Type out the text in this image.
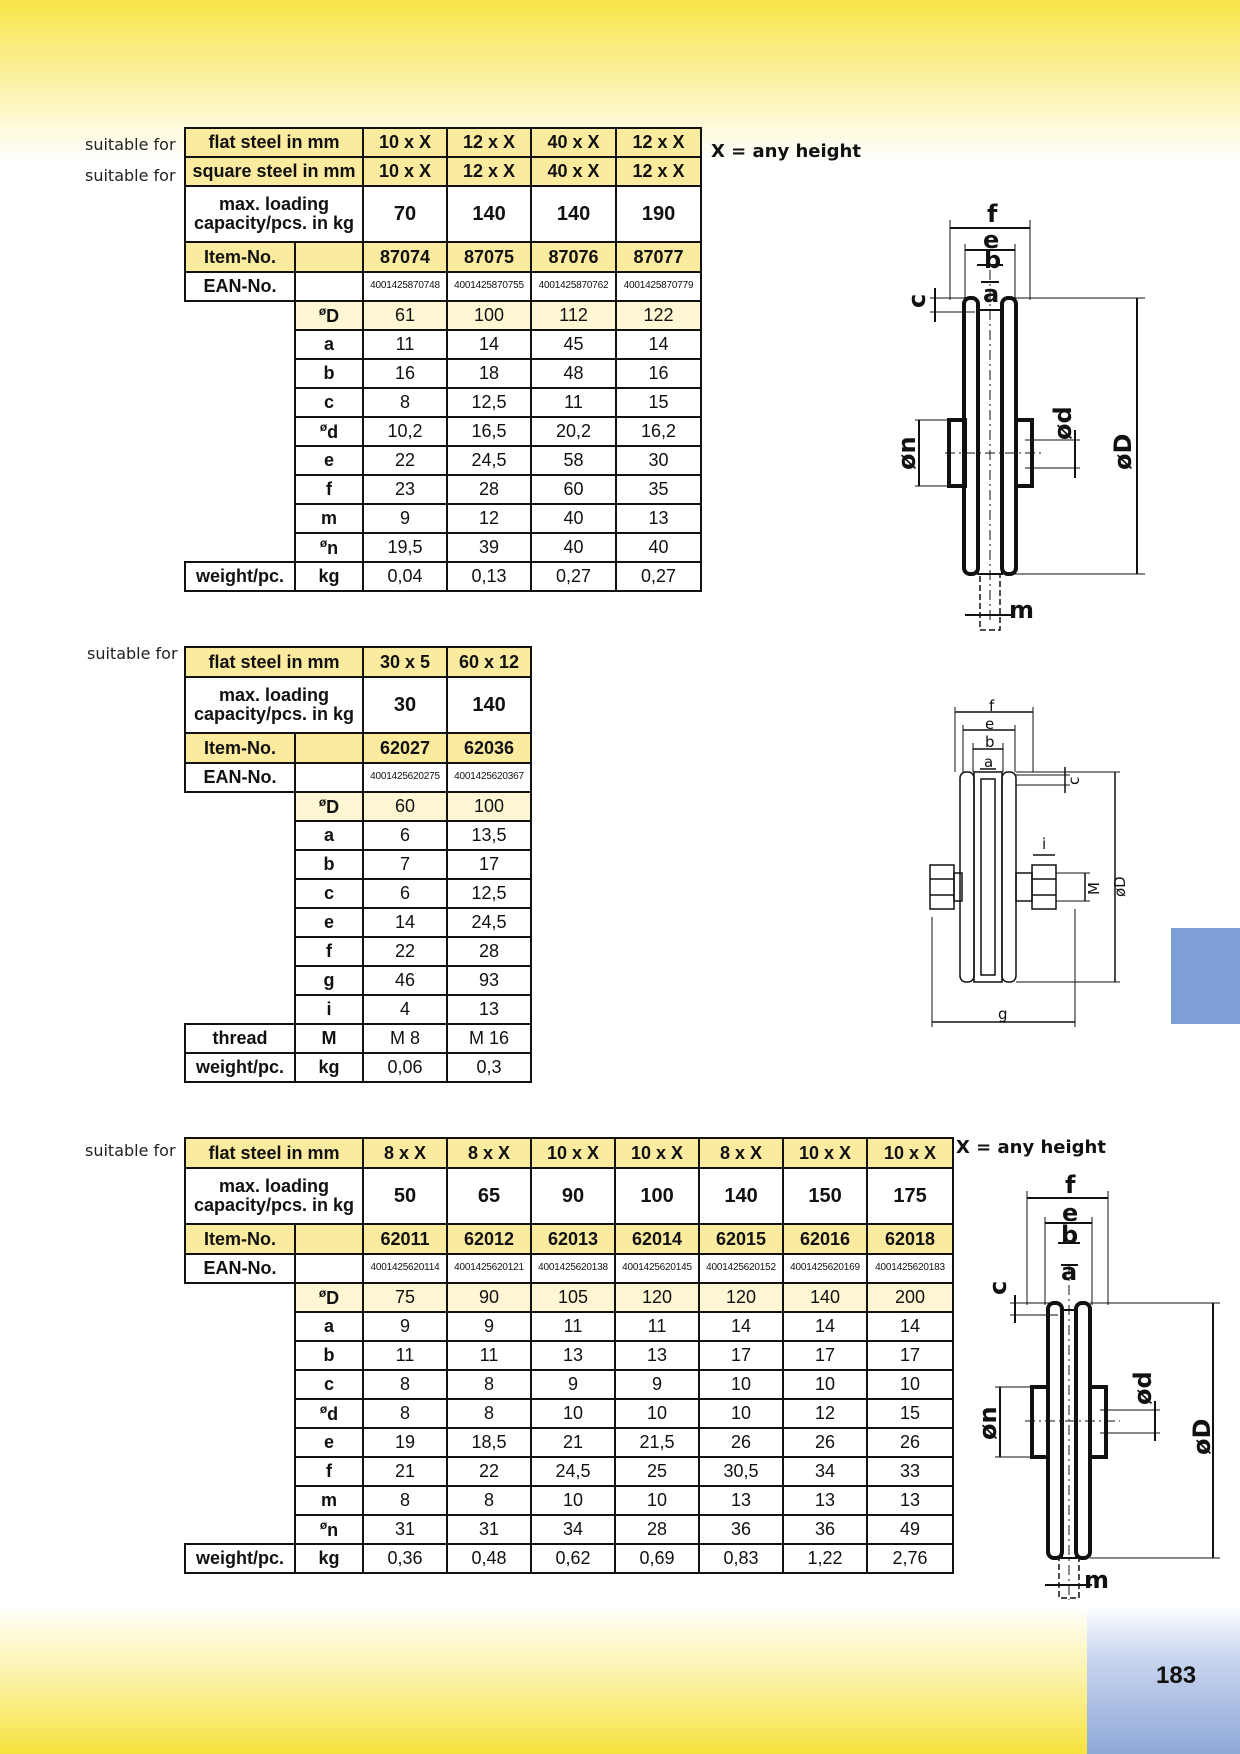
183
suitable for
suitable for
suitable for
suitable for
X = any height
X = any height
flat steel in mm		10 x X	12 x X	40 x X	12 x X
square steel in mm		10 x X	12 x X	40 x X	12 x X
max. loading
capacity/pcs. in kg		70	140	140	190
Item-No.		87074	87075	87076	87077
EAN-No.		4001425870748	4001425870755	4001425870762	4001425870779
	$^ø$D	61	100	112	122
	a	11	14	45	14
	b	16	18	48	16
	c	8	12,5	11	15
	$^ø$d	10,2	16,5	20,2	16,2
	e	22	24,5	58	30
	f	23	28	60	35
	m	9	12	40	13
	$^ø$n	19,5	39	40	40
weight/pc.	kg	0,04	0,13	0,27	0,27
flat steel in mm		30 x 5	60 x 12
max. loading
capacity/pcs. in kg		30	140
Item-No.		62027	62036
EAN-No.		4001425620275	4001425620367
	$^ø$D	60	100
	a	6	13,5
	b	7	17
	c	6	12,5
	e	14	24,5
	f	22	28
	g	46	93
	i	4	13
thread	M	M 8	M 16
weight/pc.	kg	0,06	0,3
flat steel in mm		8 x X	8 x X	10 x X	10 x X	8 x X	10 x X	10 x X
max. loading
capacity/pcs. in kg		50	65	90	100	140	150	175
Item-No.		62011	62012	62013	62014	62015	62016	62018
EAN-No.		4001425620114	4001425620121	4001425620138	4001425620145	4001425620152	4001425620169	4001425620183
	$^ø$D	75	90	105	120	120	140	200
	a	9	9	11	11	14	14	14
	b	11	11	13	13	17	17	17
	c	8	8	9	9	10	10	10
	$^ø$d	8	8	10	10	10	12	15
	e	19	18,5	21	21,5	26	26	26
	f	21	22	24,5	25	30,5	34	33
	m	8	8	10	10	13	13	13
	$^ø$n	31	31	34	28	36	36	49
weight/pc.	kg	0,36	0,48	0,62	0,69	0,83	1,22	2,76
f
e
b
a
c
ød
øD
øn
m
f
e
b
a
c
i
M øD
g
f
e
b
a
c
ød
øD
øn
m
